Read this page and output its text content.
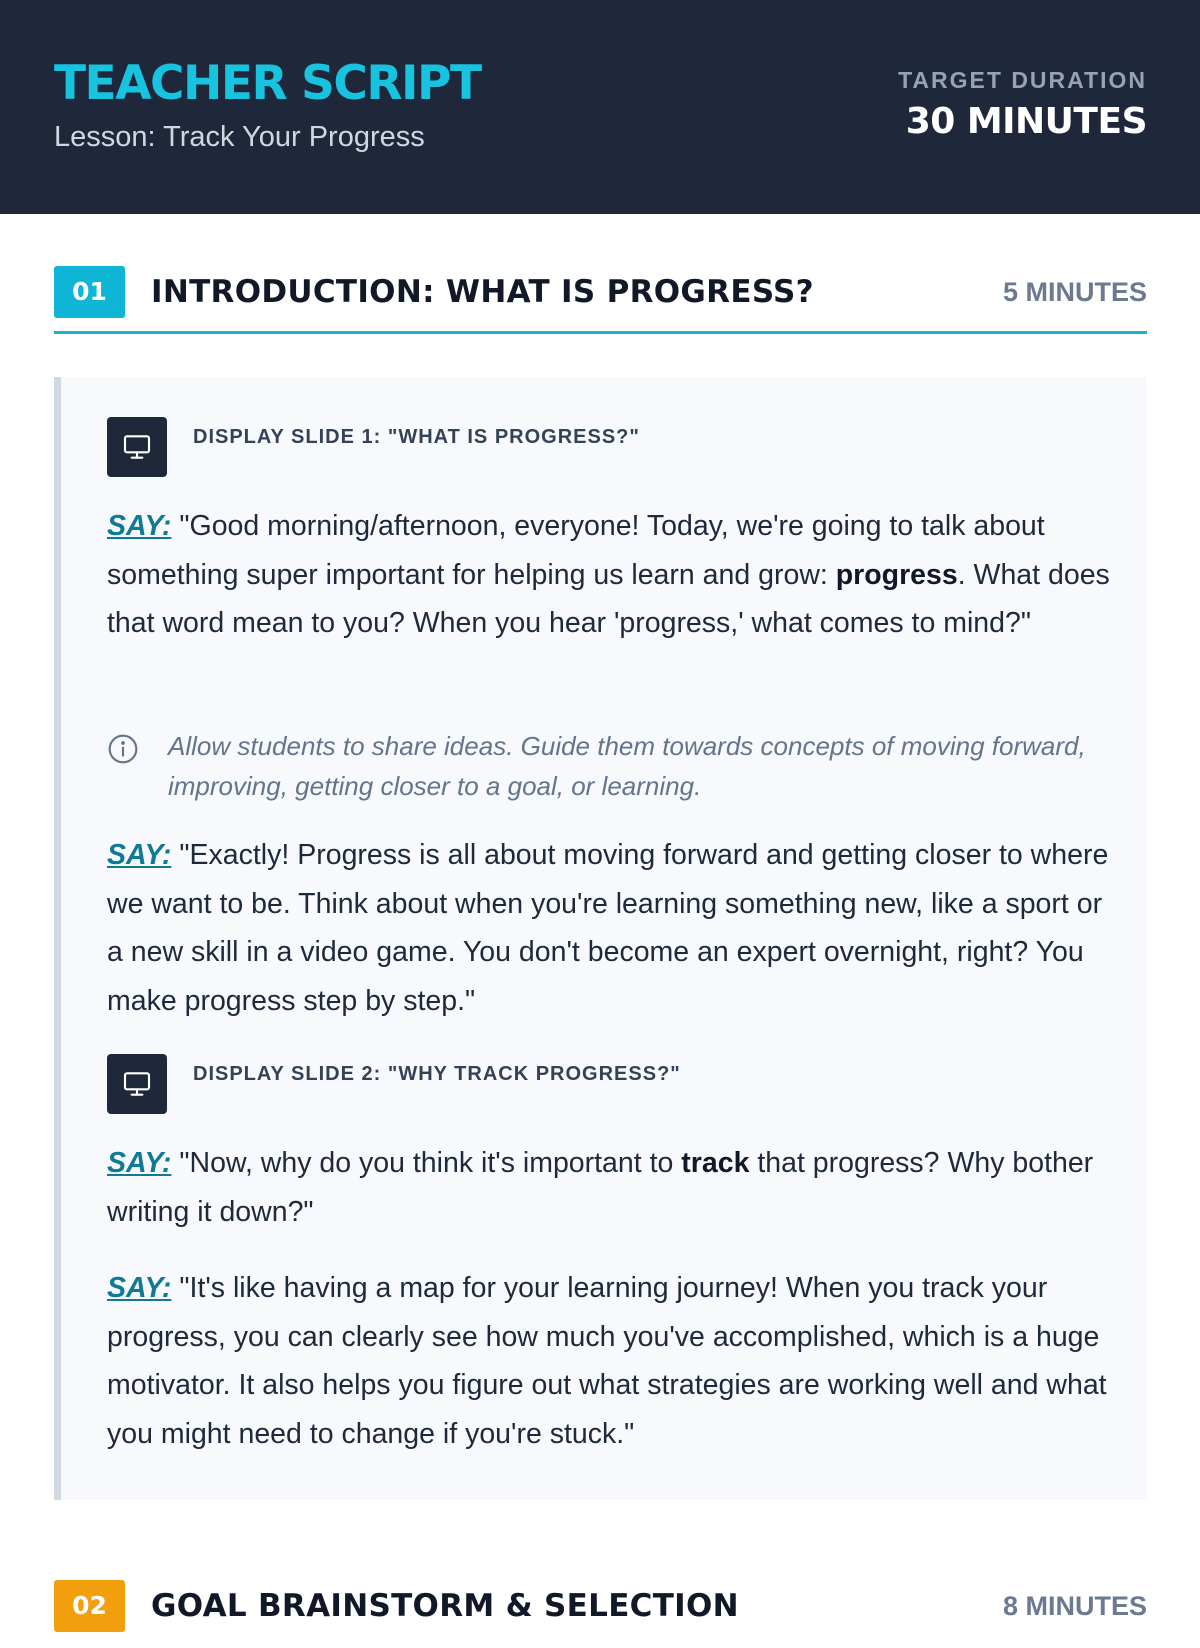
TEACHER SCRIPT
Lesson: Track Your Progress
TARGET DURATION
30 MINUTES
01	INTRODUCTION: WHAT IS PROGRESS?	5 MINUTES
DISPLAY SLIDE 1: "WHAT IS PROGRESS?"
SAY: "Good morning/afternoon, everyone! Today, we're going to talk about something super important for helping us learn and grow: progress. What does that word mean to you? When you hear 'progress,' what comes to mind?"
Allow students to share ideas. Guide them towards concepts of moving forward, improving, getting closer to a goal, or learning.
SAY: "Exactly! Progress is all about moving forward and getting closer to where we want to be. Think about when you're learning something new, like a sport or a new skill in a video game. You don't become an expert overnight, right? You make progress step by step."
DISPLAY SLIDE 2: "WHY TRACK PROGRESS?"
SAY: "Now, why do you think it's important to track that progress? Why bother writing it down?"
SAY: "It's like having a map for your learning journey! When you track your progress, you can clearly see how much you've accomplished, which is a huge motivator. It also helps you figure out what strategies are working well and what you might need to change if you're stuck."
02	GOAL BRAINSTORM & SELECTION	8 MINUTES
